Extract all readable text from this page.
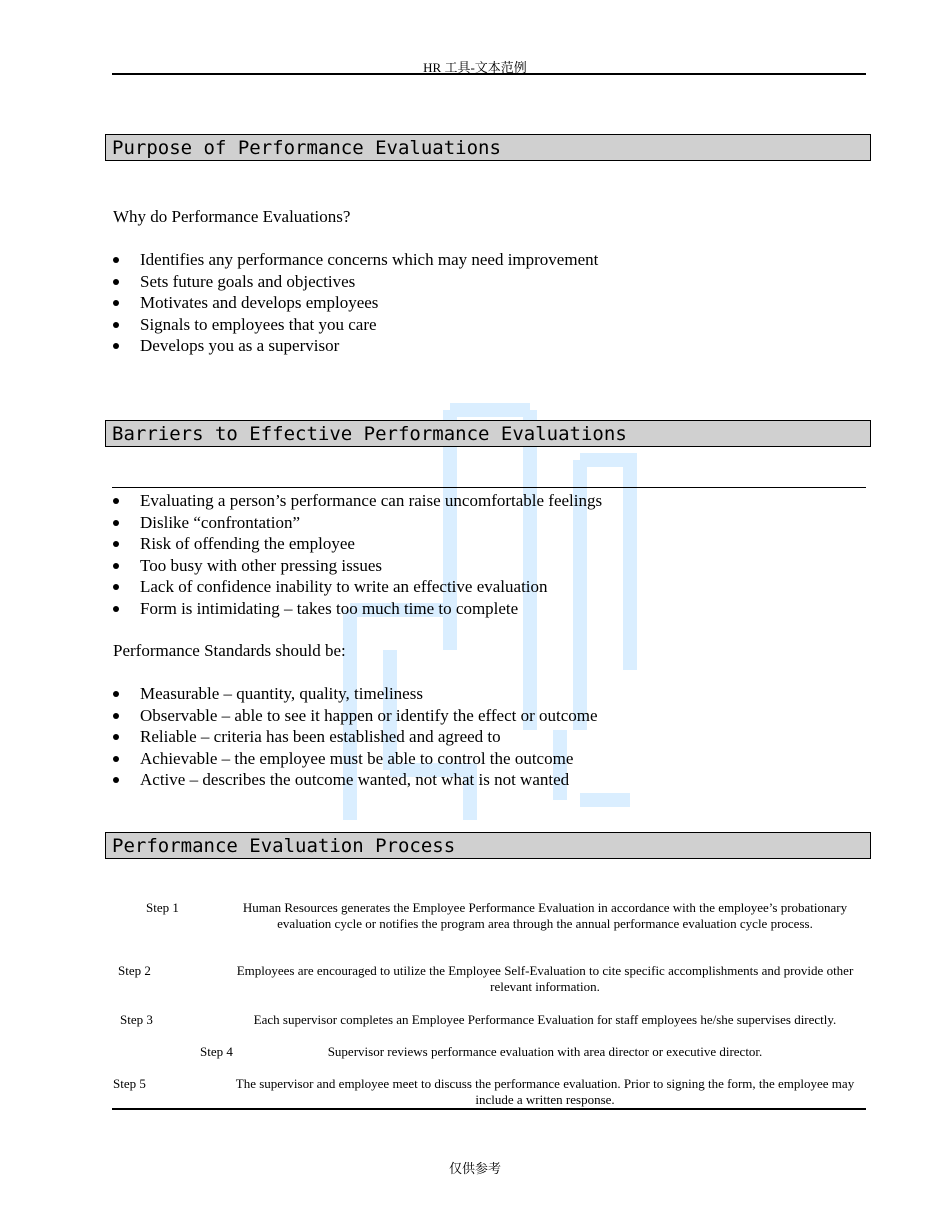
HR 工具-文本范例
Purpose of Performance Evaluations
Why do Performance Evaluations?
Identifies any performance concerns which may need improvement
Sets future goals and objectives
Motivates and develops employees
Signals to employees that you care
Develops you as a supervisor
Barriers to Effective Performance Evaluations
Evaluating a person’s performance can raise uncomfortable feelings
Dislike “confrontation”
Risk of offending the employee
Too busy with other pressing issues
Lack of confidence inability to write an effective evaluation
Form is intimidating – takes too much time to complete
Performance Standards should be:
Measurable – quantity, quality, timeliness
Observable – able to see it happen or identify the effect or outcome
Reliable – criteria has been established and agreed to
Achievable – the employee must be able to control the outcome
Active – describes the outcome wanted, not what is not wanted
Performance Evaluation Process
Step 1	Human Resources generates the Employee Performance Evaluation in accordance with the employee’s probationary evaluation cycle or notifies the program area through the annual performance evaluation cycle process.
Step 2	Employees are encouraged to utilize the Employee Self-Evaluation to cite specific accomplishments and provide other relevant information.
Step 3	Each supervisor completes an Employee Performance Evaluation for staff employees he/she supervises directly.
Step 4	Supervisor reviews performance evaluation with area director or executive director.
Step 5	The supervisor and employee meet to discuss the performance evaluation. Prior to signing the form, the employee may include a written response.
仅供参考
